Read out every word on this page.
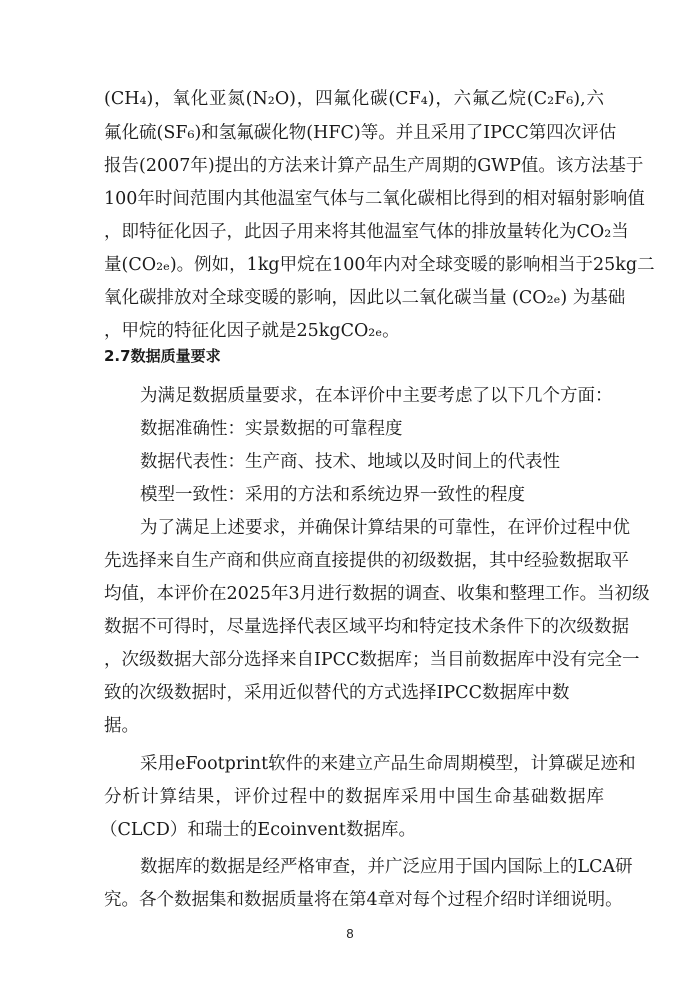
(CH₄)，氧化亚氮(N₂O)，四氟化碳(CF₄)，六氟乙烷(C₂F₆),六
氟化硫(SF₆)和氢氟碳化物(HFC)等。并且采用了IPCC第四次评估
报告(2007年)提出的方法来计算产品生产周期的GWP值。该方法基于
100年时间范围内其他温室气体与二氧化碳相比得到的相对辐射影响值
，即特征化因子，此因子用来将其他温室气体的排放量转化为CO₂当
量(CO₂ₑ)。例如，1kg甲烷在100年内对全球变暖的影响相当于25kg二
氧化碳排放对全球变暖的影响，因此以二氧化碳当量 (CO₂ₑ) 为基础
，甲烷的特征化因子就是25kgCO₂ₑ。
2.7数据质量要求
为满足数据质量要求，在本评价中主要考虑了以下几个方面：
数据准确性：实景数据的可靠程度
数据代表性：生产商、技术、地域以及时间上的代表性
模型一致性：采用的方法和系统边界一致性的程度
为了满足上述要求，并确保计算结果的可靠性，在评价过程中优
先选择来自生产商和供应商直接提供的初级数据，其中经验数据取平
均值，本评价在2025年3月进行数据的调查、收集和整理工作。当初级
数据不可得时，尽量选择代表区域平均和特定技术条件下的次级数据
，次级数据大部分选择来自IPCC数据库；当目前数据库中没有完全一
致的次级数据时，采用近似替代的方式选择IPCC数据库中数
据。
采用eFootprint软件的来建立产品生命周期模型，计算碳足迹和
分析计算结果，评价过程中的数据库采用中国生命基础数据库
（CLCD）和瑞士的Ecoinvent数据库。
数据库的数据是经严格审查，并广泛应用于国内国际上的LCA研
究。各个数据集和数据质量将在第4章对每个过程介绍时详细说明。
8
